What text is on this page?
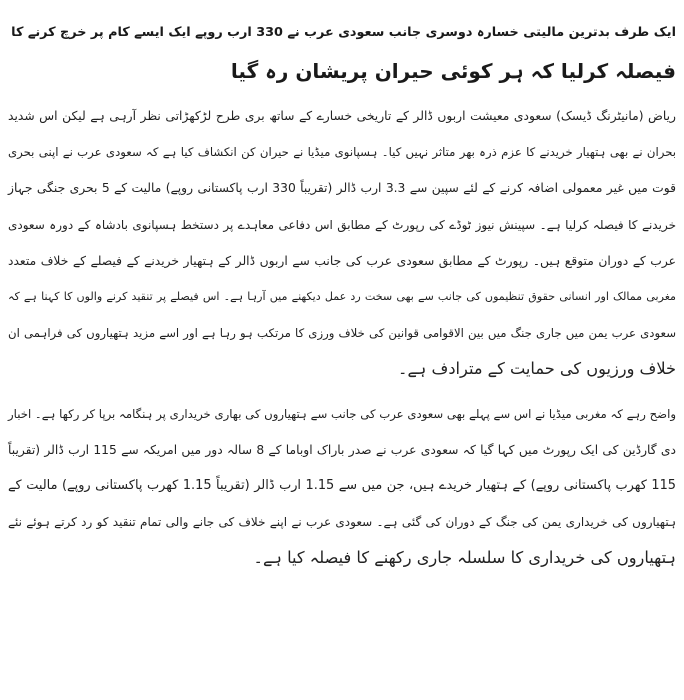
ایک طرف بدترین مالیتی خسارہ دوسری جانب سعودی عرب نے 330 ارب روپے ایک ایسے کام پر خرچ کرنے کا
فیصلہ کرلیا کہ ہر کوئی حیران پریشان رہ گیا

ریاض (مانیٹرنگ ڈیسک) سعودی معیشت اربوں ڈالر کے تاریخی خسارے کے ساتھ بری طرح لڑکھڑاتی نظر آرہی ہے لیکن اس شدید
بحران نے بھی ہتھیار خریدنے کا عزم ذرہ بھر متاثر نہیں کیا۔ ہسپانوی میڈیا نے حیران کن انکشاف کیا ہے کہ سعودی عرب نے اپنی بحری
قوت میں غیر معمولی اضافہ کرنے کے لئے سپین سے 3.3 ارب ڈالر (تقریباً 330 ارب پاکستانی روپے) مالیت کے 5 بحری جنگی جہاز
خریدنے کا فیصلہ کرلیا ہے۔ سپینش نیوز ٹوڈے کی رپورٹ کے مطابق اس دفاعی معاہدے پر دستخط ہسپانوی بادشاہ کے دورہ سعودی
عرب کے دوران متوقع ہیں۔ رپورٹ کے مطابق سعودی عرب کی جانب سے اربوں ڈالر کے ہتھیار خریدنے کے فیصلے کے خلاف متعدد
مغربی ممالک اور انسانی حقوق تنظیموں کی جانب سے بھی سخت رد عمل دیکھنے میں آرہا ہے۔ اس فیصلے پر تنقید کرنے والوں کا کہنا ہے کہ
سعودی عرب یمن میں جاری جنگ میں بین الاقوامی قوانین کی خلاف ورزی کا مرتکب ہو رہا ہے اور اسے مزید ہتھیاروں کی فراہمی ان
خلاف ورزیوں کی حمایت کے مترادف ہے۔

واضح رہے کہ مغربی میڈیا نے اس سے پہلے بھی سعودی عرب کی جانب سے ہتھیاروں کی بھاری خریداری پر ہنگامہ برپا کر رکھا ہے۔ اخبار
دی گارڈین کی ایک رپورٹ میں کہا گیا کہ سعودی عرب نے صدر باراک اوباما کے 8 سالہ دور میں امریکہ سے 115 ارب ڈالر (تقریباً
115 کھرب پاکستانی روپے) کے ہتھیار خریدے ہیں، جن میں سے 1.15 ارب ڈالر (تقریباً 1.15 کھرب پاکستانی روپے) مالیت کے
ہتھیاروں کی خریداری یمن کی جنگ کے دوران کی گئی ہے۔ سعودی عرب نے اپنے خلاف کی جانے والی تمام تنقید کو رد کرتے ہوئے نئے
ہتھیاروں کی خریداری کا سلسلہ جاری رکھنے کا فیصلہ کیا ہے۔
